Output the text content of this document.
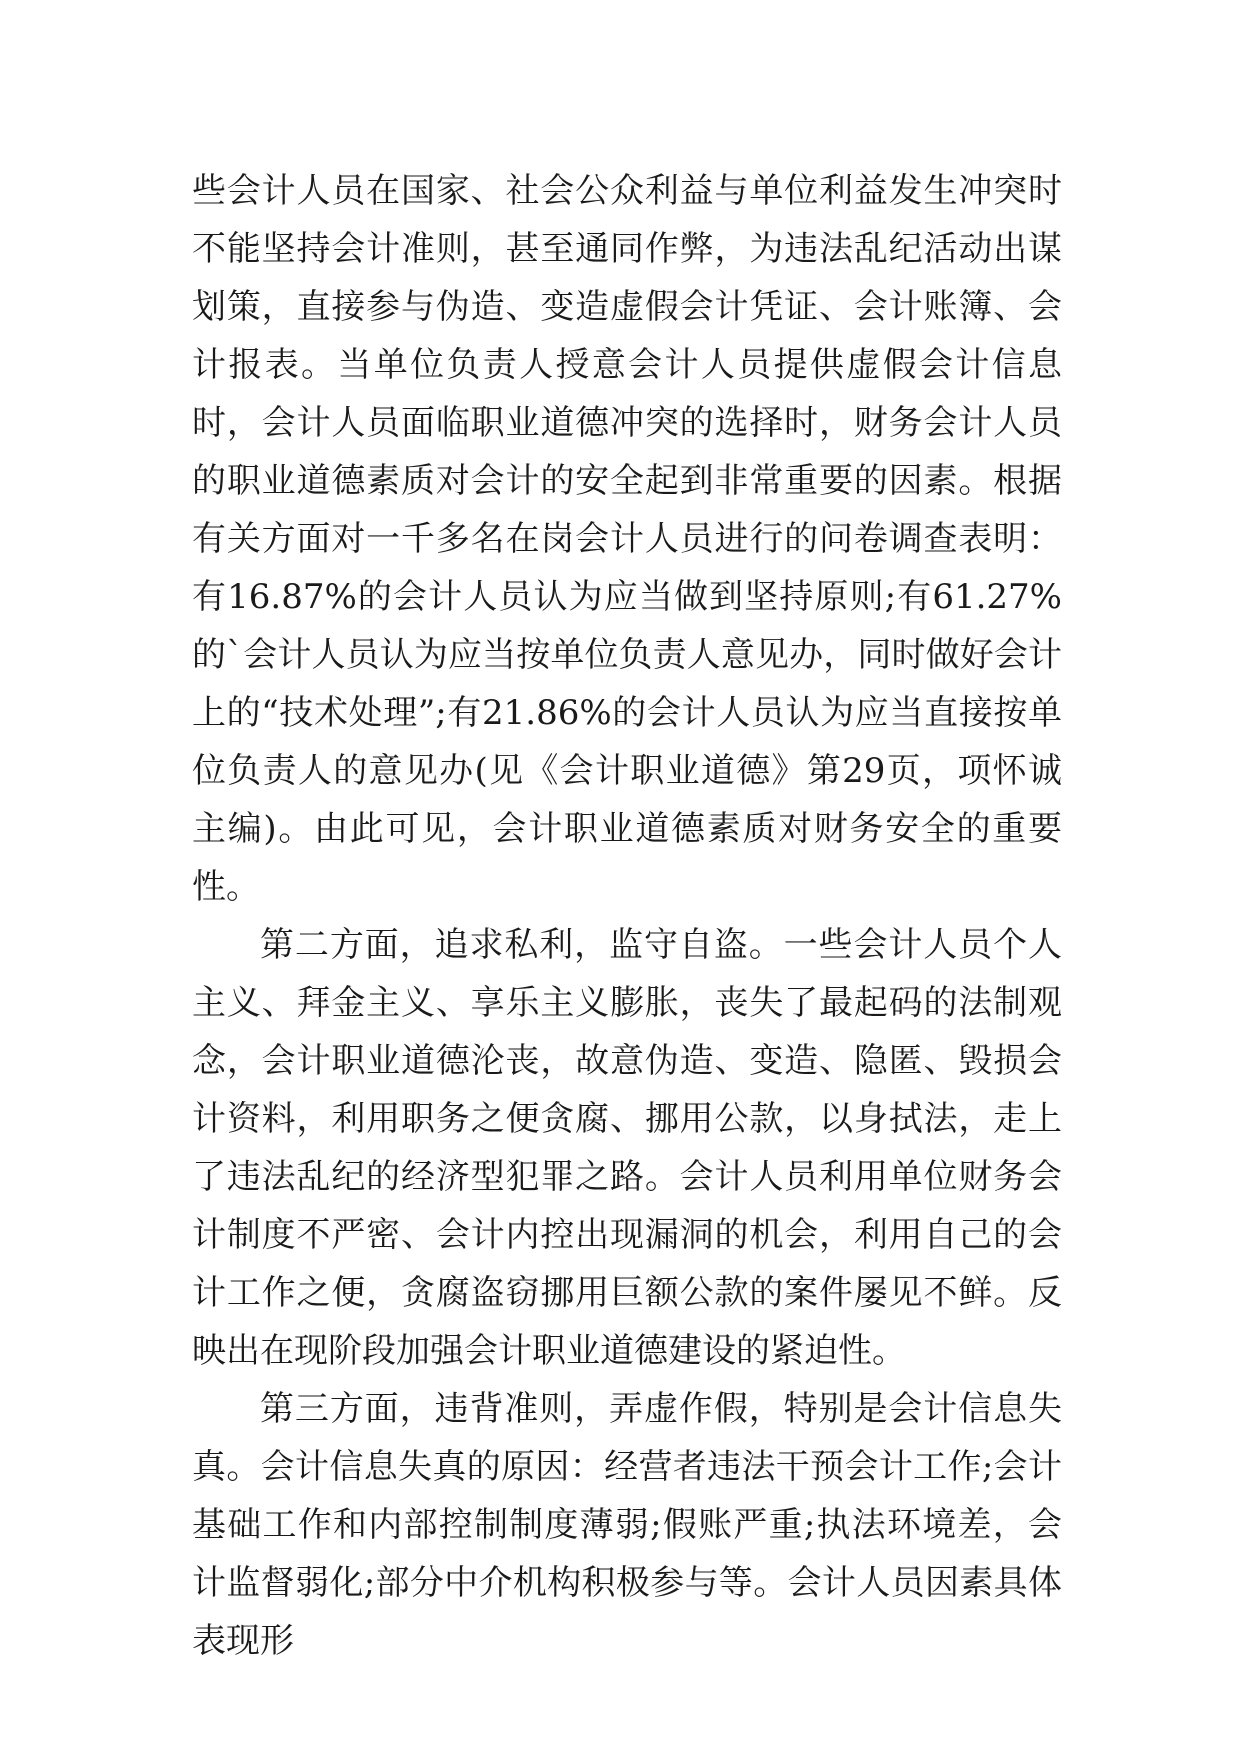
些会计人员在国家、社会公众利益与单位利益发生冲突时不能坚持会计准则，甚至通同作弊，为违法乱纪活动出谋划策，直接参与伪造、变造虚假会计凭证、会计账簿、会计报表。当单位负责人授意会计人员提供虚假会计信息时，会计人员面临职业道德冲突的选择时，财务会计人员的职业道德素质对会计的安全起到非常重要的因素。根据有关方面对一千多名在岗会计人员进行的问卷调查表明：有16.87%的会计人员认为应当做到坚持原则;有61.27%的`会计人员认为应当按单位负责人意见办，同时做好会计上的“技术处理”;有21.86%的会计人员认为应当直接按单位负责人的意见办(见《会计职业道德》第29页，项怀诚主编)。由此可见，会计职业道德素质对财务安全的重要性。

第二方面，追求私利，监守自盗。一些会计人员个人主义、拜金主义、享乐主义膨胀，丧失了最起码的法制观念，会计职业道德沦丧，故意伪造、变造、隐匿、毁损会计资料，利用职务之便贪腐、挪用公款，以身拭法，走上了违法乱纪的经济型犯罪之路。会计人员利用单位财务会计制度不严密、会计内控出现漏洞的机会，利用自己的会计工作之便，贪腐盗窃挪用巨额公款的案件屡见不鲜。反映出在现阶段加强会计职业道德建设的紧迫性。

第三方面，违背准则，弄虚作假，特别是会计信息失真。会计信息失真的原因：经营者违法干预会计工作;会计基础工作和内部控制制度薄弱;假账严重;执法环境差，会计监督弱化;部分中介机构积极参与等。会计人员因素具体表现形
